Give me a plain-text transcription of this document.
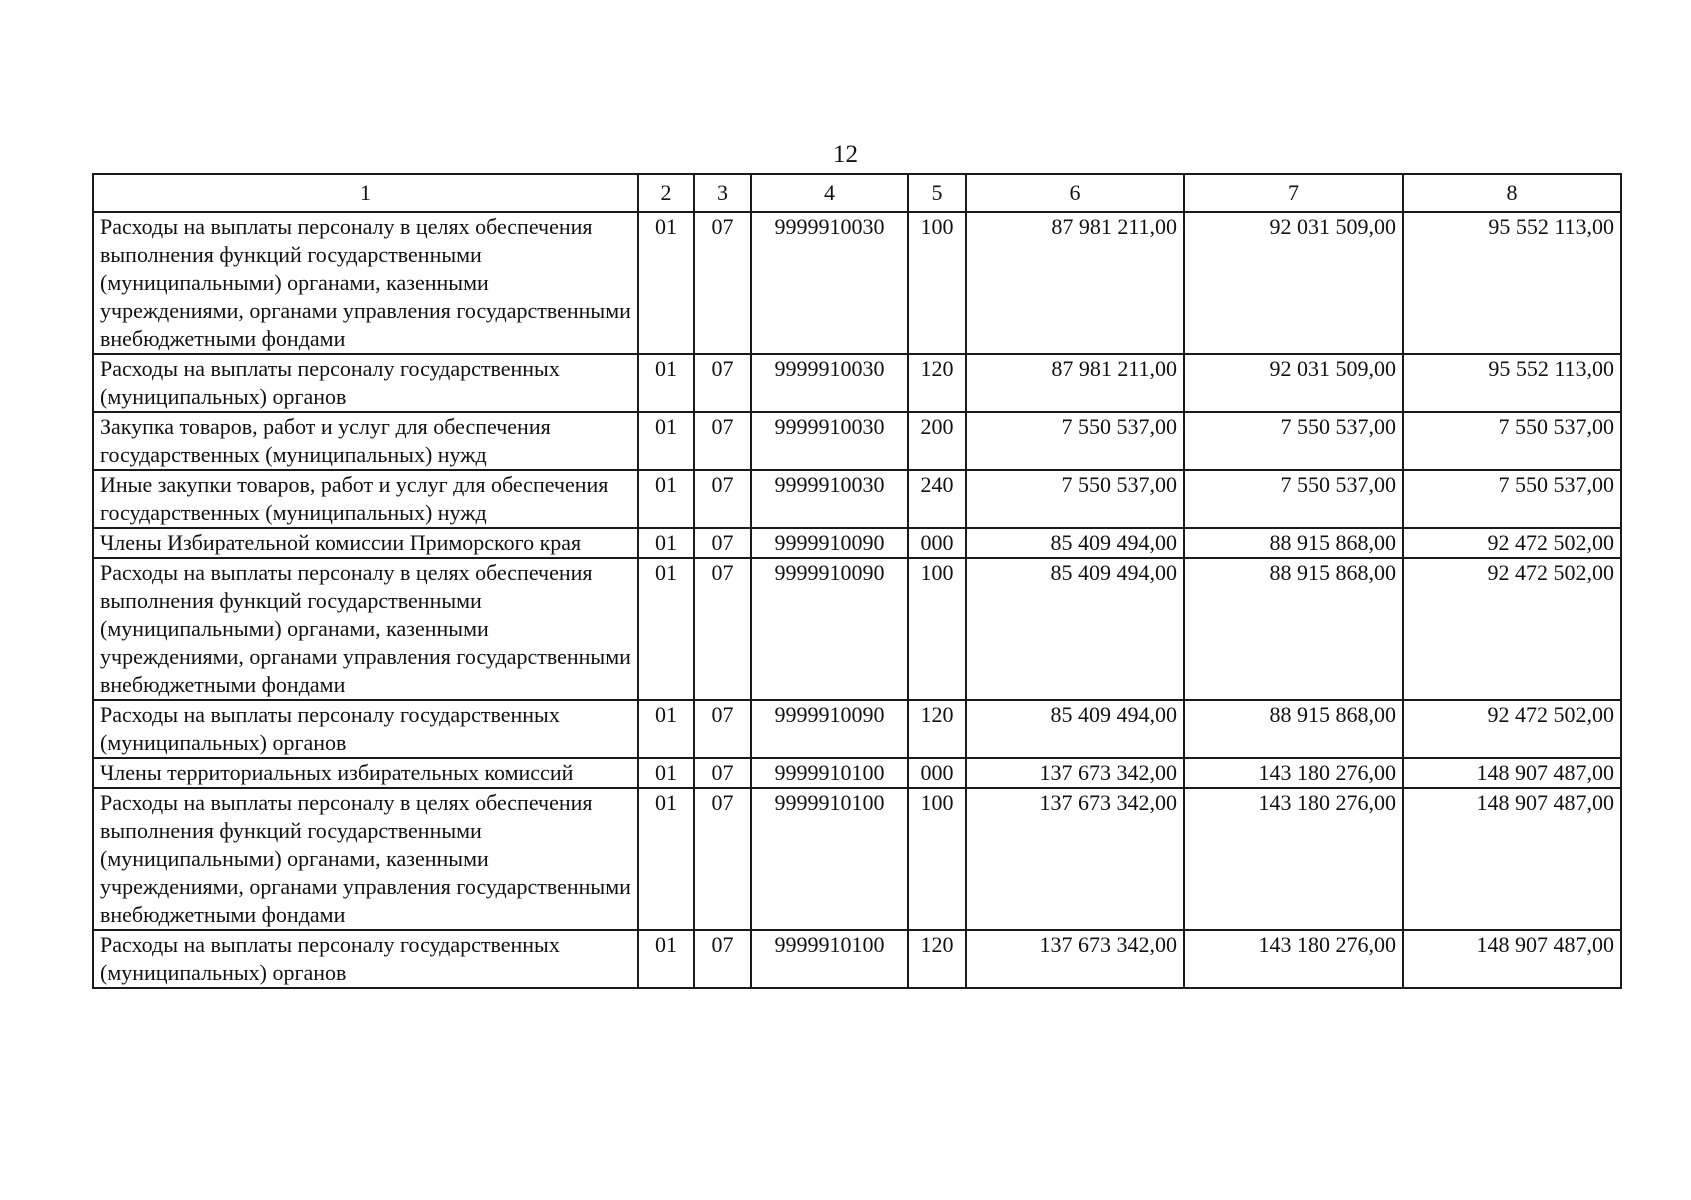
12
1	2	3	4	5	6	7	8
Расходы на выплаты персоналу в целях обеспечения выполнения функций государственными (муниципальными) органами, казенными учреждениями, органами управления государственными внебюджетными фондами	01	07	9999910030	100	87 981 211,00	92 031 509,00	95 552 113,00
Расходы на выплаты персоналу государственных (муниципальных) органов	01	07	9999910030	120	87 981 211,00	92 031 509,00	95 552 113,00
Закупка товаров, работ и услуг для обеспечения государственных (муниципальных) нужд	01	07	9999910030	200	7 550 537,00	7 550 537,00	7 550 537,00
Иные закупки товаров, работ и услуг для обеспечения государственных (муниципальных) нужд	01	07	9999910030	240	7 550 537,00	7 550 537,00	7 550 537,00
Члены Избирательной комиссии Приморского края	01	07	9999910090	000	85 409 494,00	88 915 868,00	92 472 502,00
Расходы на выплаты персоналу в целях обеспечения выполнения функций государственными (муниципальными) органами, казенными учреждениями, органами управления государственными внебюджетными фондами	01	07	9999910090	100	85 409 494,00	88 915 868,00	92 472 502,00
Расходы на выплаты персоналу государственных (муниципальных) органов	01	07	9999910090	120	85 409 494,00	88 915 868,00	92 472 502,00
Члены территориальных избирательных комиссий	01	07	9999910100	000	137 673 342,00	143 180 276,00	148 907 487,00
Расходы на выплаты персоналу в целях обеспечения выполнения функций государственными (муниципальными) органами, казенными учреждениями, органами управления государственными внебюджетными фондами	01	07	9999910100	100	137 673 342,00	143 180 276,00	148 907 487,00
Расходы на выплаты персоналу государственных (муниципальных) органов	01	07	9999910100	120	137 673 342,00	143 180 276,00	148 907 487,00
